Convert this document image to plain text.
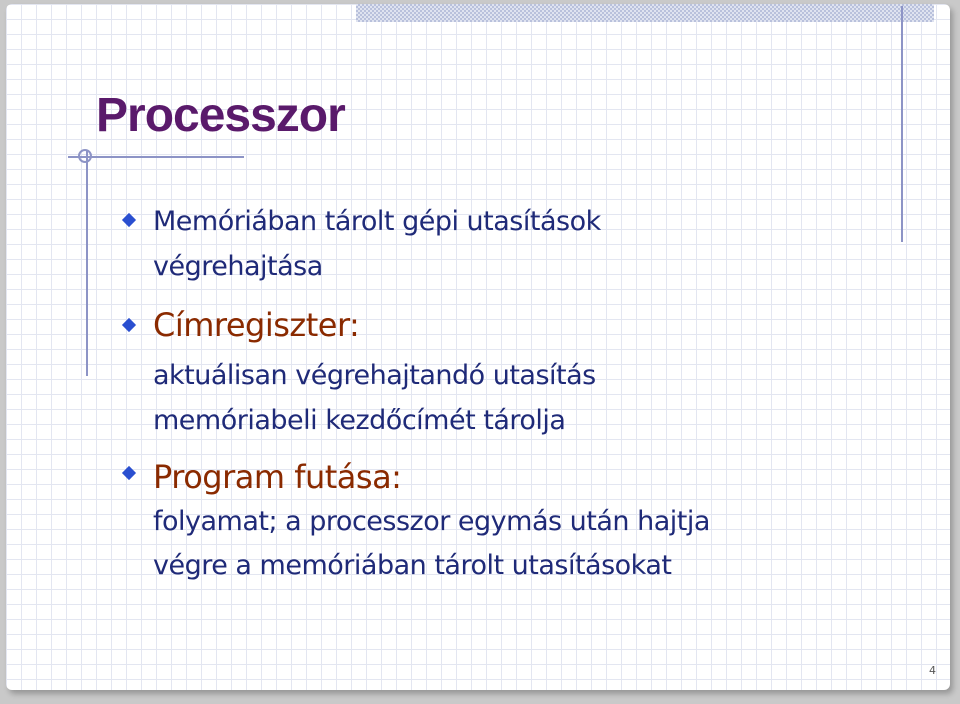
Processzor
Memóriában tárolt gépi utasítások
végrehajtása
Címregiszter:
aktuálisan végrehajtandó utasítás
memóriabeli kezdőcímét tárolja
Program futása:
folyamat; a processzor egymás után hajtja
végre a memóriában tárolt utasításokat
4
